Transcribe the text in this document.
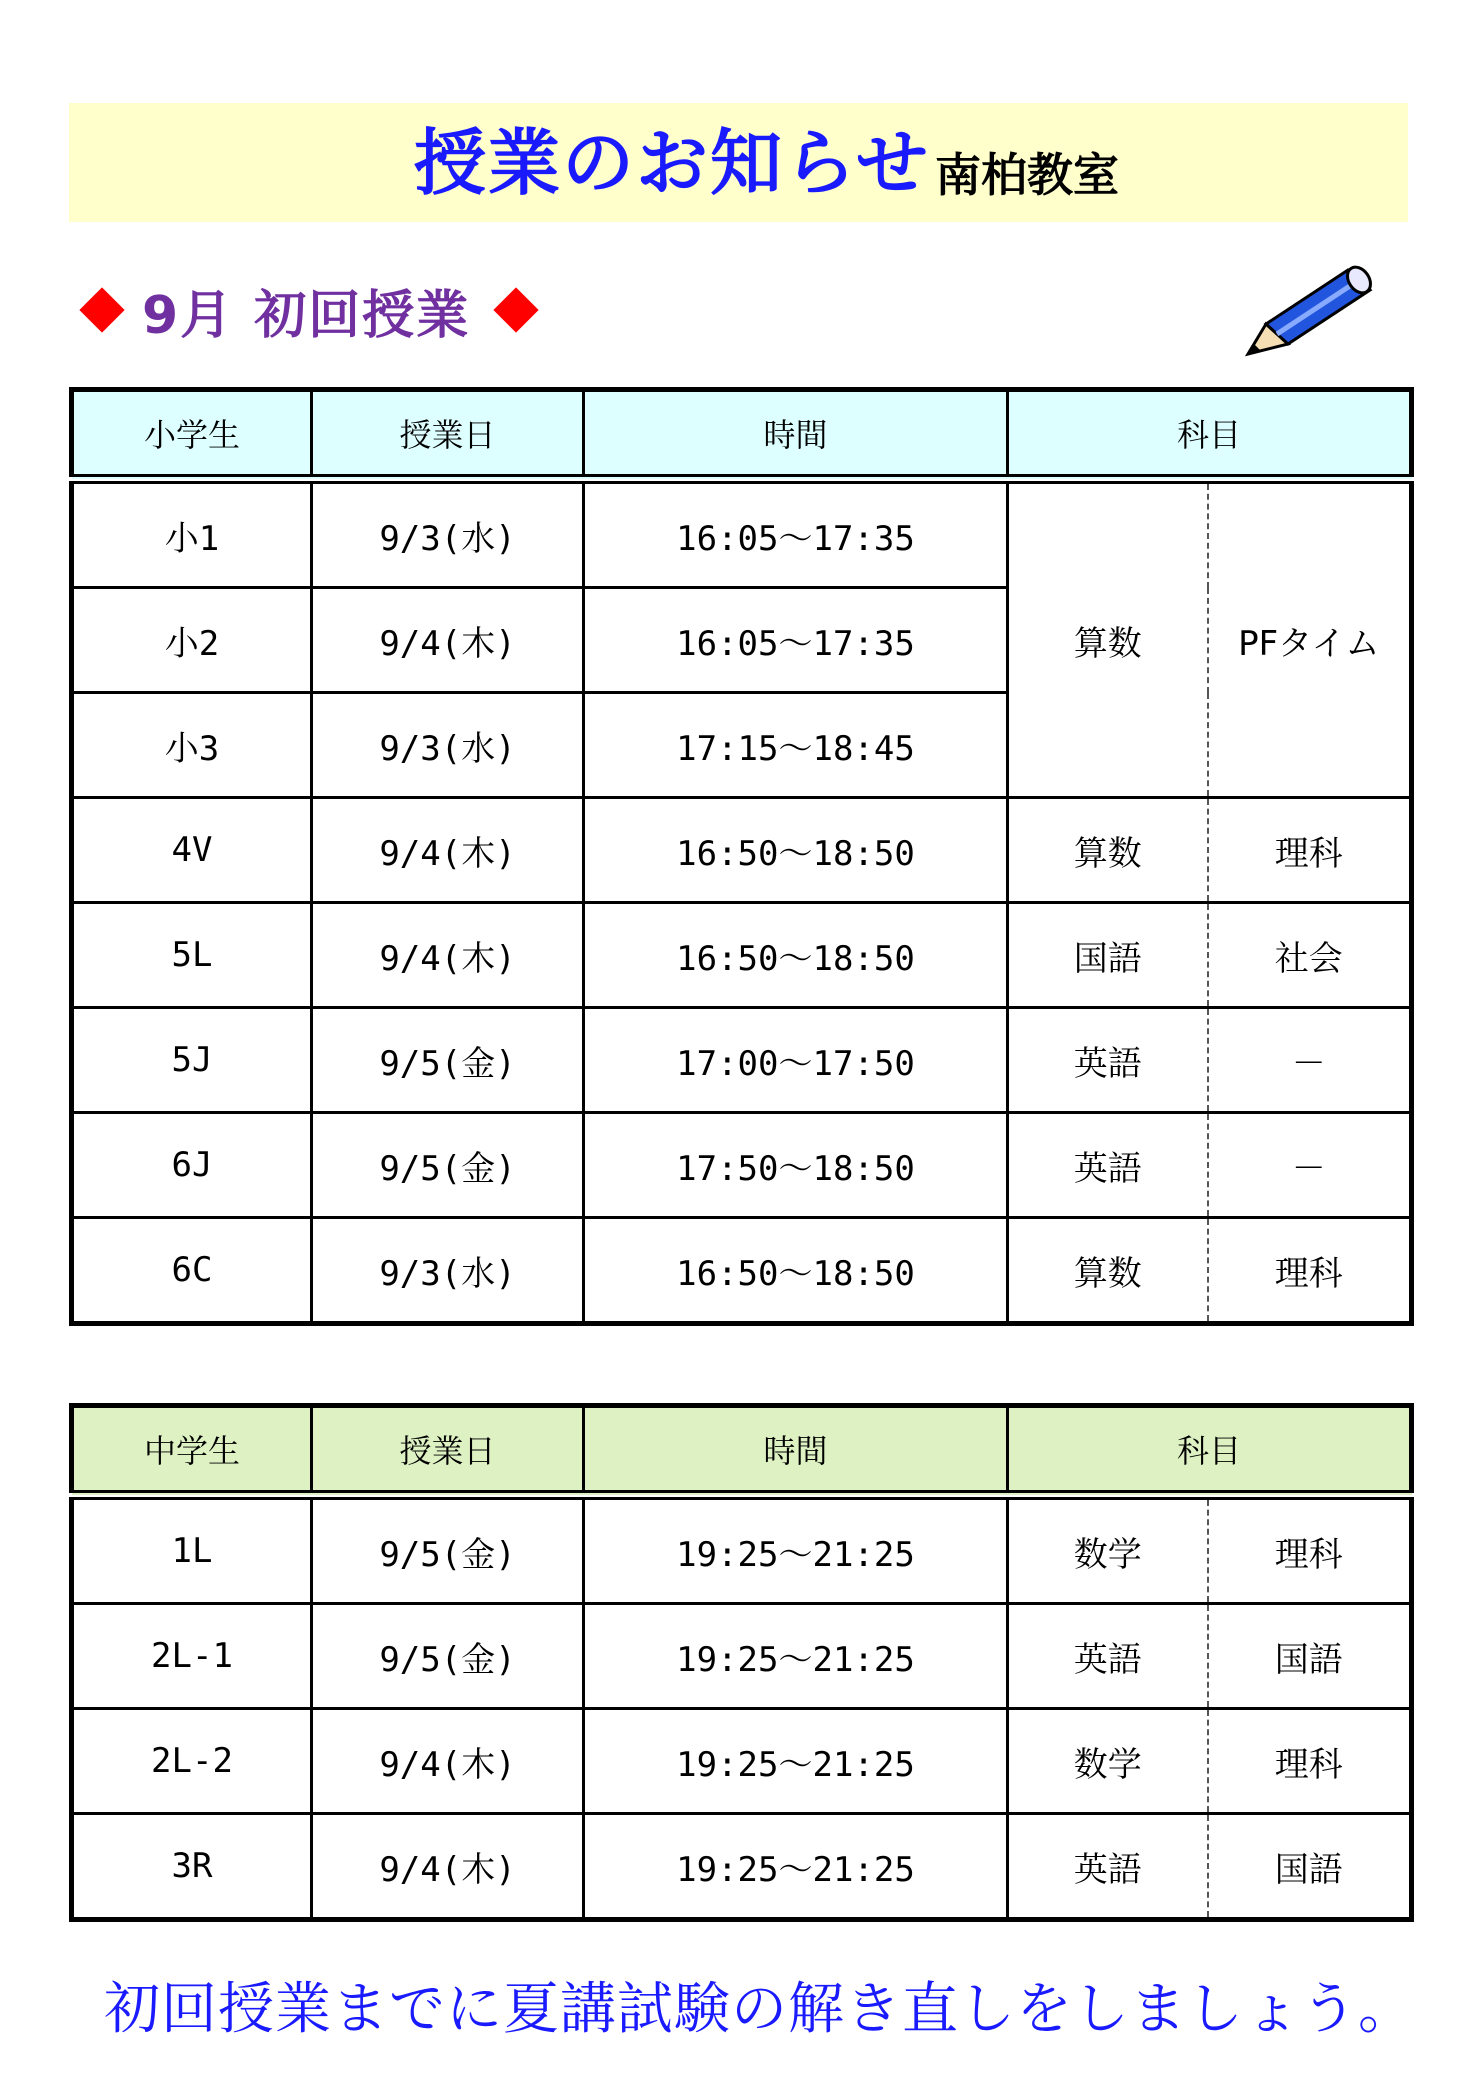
授業のお知らせ 南柏教室
9月 初回授業
小学生	授業日	時間	科目	
小1	9/3(水)	16:05～17:35	算数	PFタイム
小2	9/4(木)	16:05～17:35		
小3	9/3(水)	17:15～18:45		
4V	9/4(木)	16:50～18:50	算数	理科
5L	9/4(木)	16:50～18:50	国語	社会
5J	9/5(金)	17:00～17:50	英語	－
6J	9/5(金)	17:50～18:50	英語	－
6C	9/3(水)	16:50～18:50	算数	理科
中学生	授業日	時間	科目	
1L	9/5(金)	19:25～21:25	数学	理科
2L-1	9/5(金)	19:25～21:25	英語	国語
2L-2	9/4(木)	19:25～21:25	数学	理科
3R	9/4(木)	19:25～21:25	英語	国語
初回授業までに夏講試験の解き直しをしましょう。
